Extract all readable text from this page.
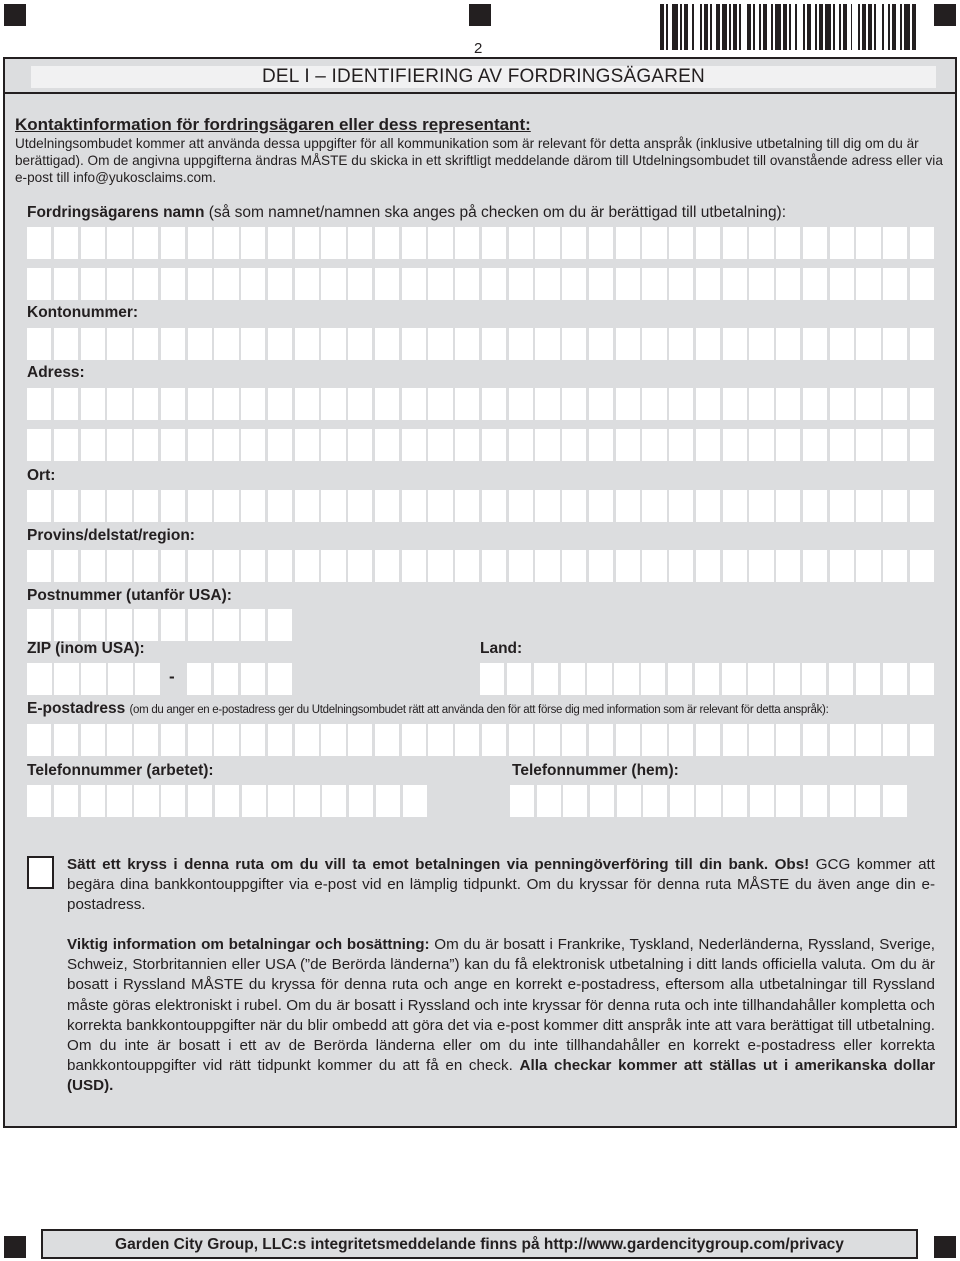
2
DEL I – IDENTIFIERING AV FORDRINGSÄGAREN
Kontaktinformation för fordringsägaren eller dess representant:
Utdelningsombudet kommer att använda dessa uppgifter för all kommunikation som är relevant för detta anspråk (inklusive utbetalning till dig om du är berättigad). Om de angivna uppgifterna ändras MÅSTE du skicka in ett skriftligt meddelande därom till Utdelningsombudet till ovanstående adress eller via e-post till info@yukosclaims.com.
Fordringsägarens namn (så som namnet/namnen ska anges på checken om du är berättigad till utbetalning):
Kontonummer:
Adress:
Ort:
Provins/delstat/region:
Postnummer (utanför USA):
ZIP (inom USA):
-
Land:
E-postadress (om du anger en e-postadress ger du Utdelningsombudet rätt att använda den för att förse dig med information som är relevant för detta anspråk):
Telefonnummer (arbetet):	Telefonnummer (hem):
Sätt ett kryss i denna ruta om du vill ta emot betalningen via penningöverföring till din bank. Obs! GCG kommer att begära dina bankkontouppgifter via e-post vid en lämplig tidpunkt. Om du kryssar för denna ruta MÅSTE du även ange din e-postadress.
Viktig information om betalningar och bosättning: Om du är bosatt i Frankrike, Tyskland, Nederländerna, Ryssland, Sverige, Schweiz, Storbritannien eller USA (”de Berörda länderna”) kan du få elektronisk utbetalning i ditt lands officiella valuta. Om du är bosatt i Ryssland MÅSTE du kryssa för denna ruta och ange en korrekt e-postadress, eftersom alla utbetalningar till Ryssland måste göras elektroniskt i rubel. Om du är bosatt i Ryssland och inte kryssar för denna ruta och inte tillhandahåller kompletta och korrekta bankkontouppgifter när du blir ombedd att göra det via e-post kommer ditt anspråk inte att vara berättigat till utbetalning. Om du inte är bosatt i ett av de Berörda länderna eller om du inte tillhandahåller en korrekt e-postadress eller korrekta bankkontouppgifter vid rätt tidpunkt kommer du att få en check. Alla checkar kommer att ställas ut i amerikanska dollar (USD).
Garden City Group, LLC:s integritetsmeddelande finns på http://www.gardencitygroup.com/privacy
